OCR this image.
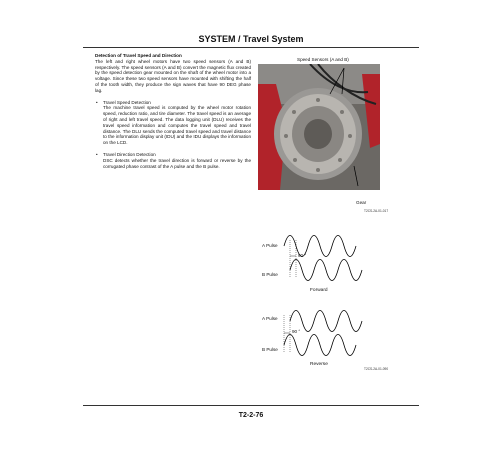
SYSTEM / Travel System
Detection of Travel Speed and Direction

The left and right wheel motors have two speed sensors (A and B) respectively. The speed sensors (A and B) convert the magnetic flux created by the speed detection gear mounted on the shaft of the wheel motor into a voltage. Since these two speed sensors have mounted with shifting the half of the tooth width, they produce the sign waves that have 90 DEG phase lag.

• Travel Speed Detection
The machine travel speed is computed by the wheel motor rotation speed, reduction ratio, and tire diameter. The travel speed is an average of right and left travel speed. The data logging unit (DLU) receives the travel speed information and computes the travel speed and travel distance. The DLU sends the computed travel speed and travel distance to the information display unit (IDU) and the IDU displays the information on the LCD.
• Travel Direction Detection
DSC detects whether the travel direction is forward or reverse by the corrugated phase contrast of the A pulse and the B pulse.
Speed Sensors (A and B)
Gear
T2CS-2A-01-017
A Pulse
B Pulse
90 °
Forward
A Pulse
B Pulse
90 °
Reverse
T2CS-2A-01-090
T2-2-76
